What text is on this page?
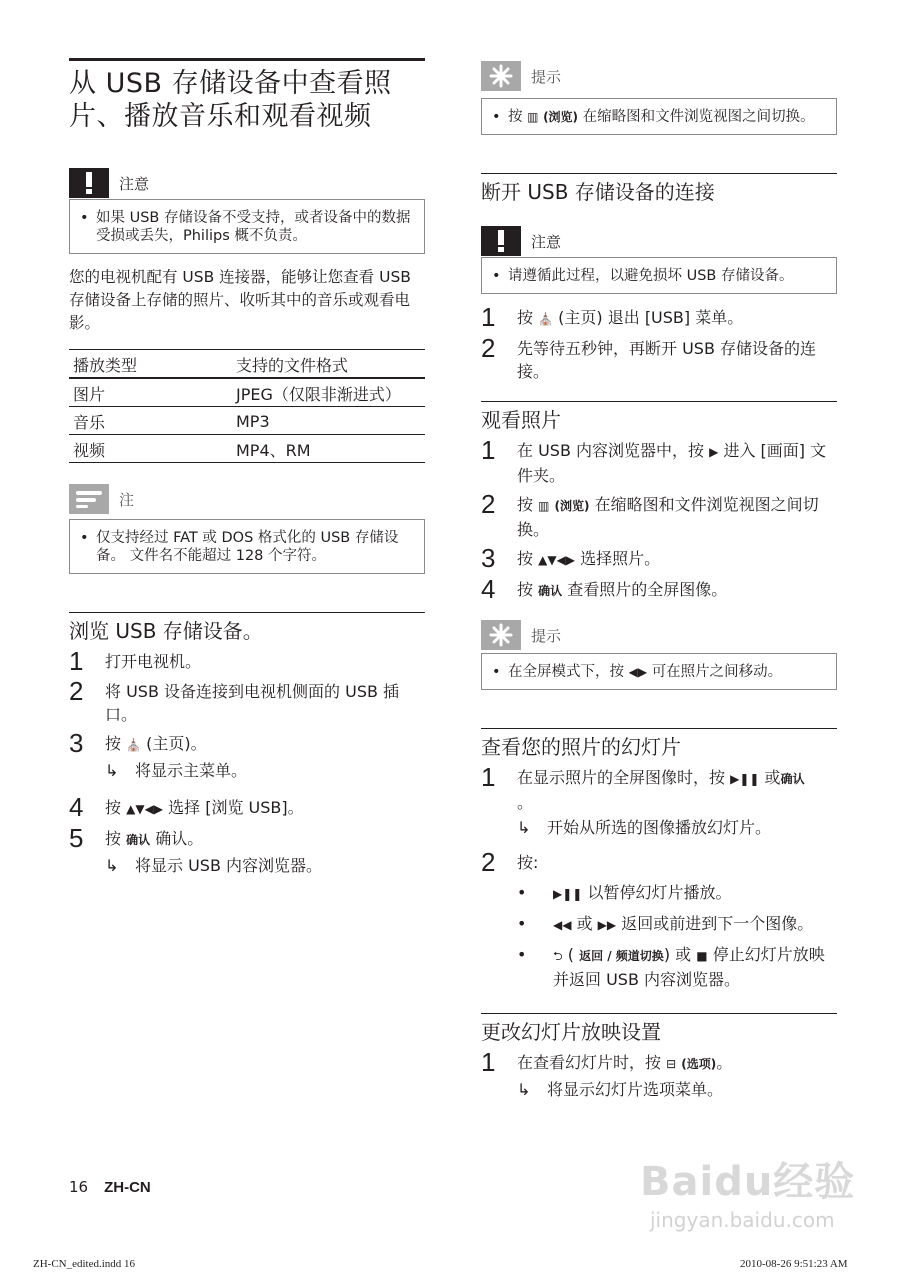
从 USB 存储设备中查看照片、播放音乐和观看视频
注意
• 如果 USB 存储设备不受支持，或者设备中的数据受损或丢失，Philips 概不负责。

您的电视机配有 USB 连接器，能够让您查看 USB 存储设备上存储的照片、收听其中的音乐或观看电影。

播放类型	支持的文件格式
图片	JPEG（仅限非渐进式）
音乐	MP3
视频	MP4、RM
注
• 仅支持经过 FAT 或 DOS 格式化的 USB 存储设备。 文件名不能超过 128 个字符。
浏览 USB 存储设备。
1	打开电视机。
2	将 USB 设备连接到电视机侧面的 USB 插口。
3	按 ⛪ (主页)。
↳	将显示主菜单。
4	按 ▲▼◀▶ 选择 [浏览 USB]。
5	按 确认 确认。
↳	将显示 USB 内容浏览器。
提示
• 按 ▥ (浏览) 在缩略图和文件浏览视图之间切换。
断开 USB 存储设备的连接
注意
• 请遵循此过程，以避免损坏 USB 存储设备。
1	按 ⛪ (主页) 退出 [USB] 菜单。
2	先等待五秒钟，再断开 USB 存储设备的连接。
观看照片
1	在 USB 内容浏览器中，按 ▶ 进入 [画面] 文件夹。
2	按 ▥ (浏览) 在缩略图和文件浏览视图之间切换。
3	按 ▲▼◀▶ 选择照片。
4	按 确认 查看照片的全屏图像。
提示
• 在全屏模式下，按 ◀▶ 可在照片之间移动。
查看您的照片的幻灯片
1	在显示照片的全屏图像时，按 ▶❚❚ 或确认
。
↳	开始从所选的图像播放幻灯片。
2	按:
•	▶❚❚ 以暂停幻灯片播放。
•	◀◀ 或 ▶▶ 返回或前进到下一个图像。
•	⮌ ( 返回 / 频道切换) 或 ■ 停止幻灯片放映并返回 USB 内容浏览器。
更改幻灯片放映设置
1	在查看幻灯片时，按 ⊟ (选项)。
↳	将显示幻灯片选项菜单。
16 ZH-CN
ZH-CN_edited.indd 16	2010-08-26 9:51:23 AM
Baidu经验
jingyan.baidu.com
